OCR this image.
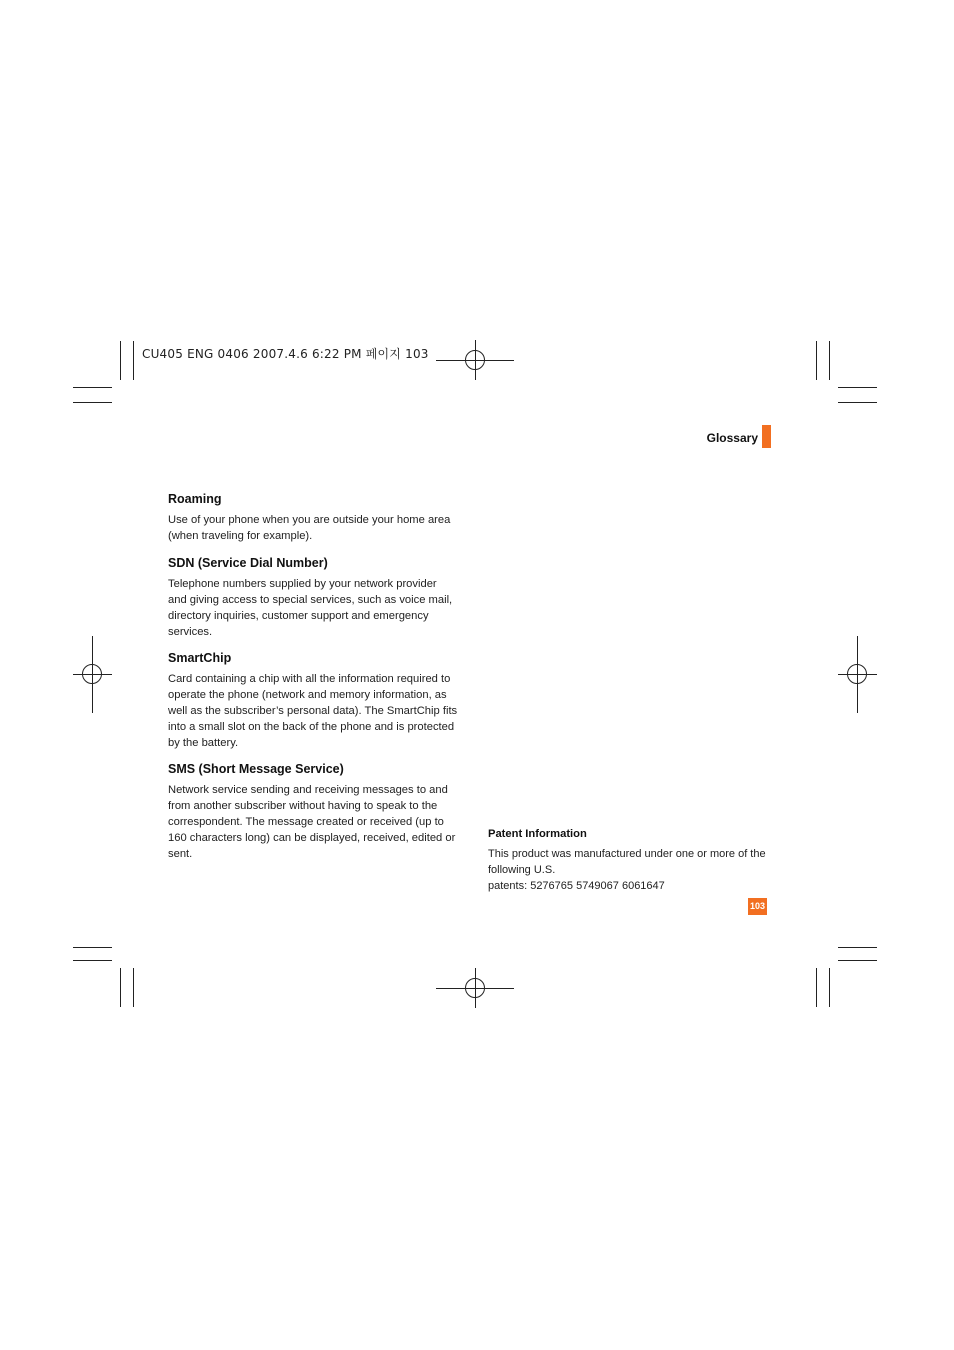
CU405 ENG 0406 2007.4.6 6:22 PM 페이지 103
Glossary
Roaming

Use of your phone when you are outside your home area (when traveling for example).

SDN (Service Dial Number)

Telephone numbers supplied by your network provider and giving access to special services, such as voice mail, directory inquiries, customer support and emergency services.

SmartChip

Card containing a chip with all the information required to operate the phone (network and memory information, as well as the subscriber’s personal data). The SmartChip fits into a small slot on the back of the phone and is protected by the battery.

SMS (Short Message Service)

Network service sending and receiving messages to and from another subscriber without having to speak to the correspondent. The message created or received (up to 160 characters long) can be displayed, received, edited or sent.

Patent Information

This product was manufactured under one or more of the following U.S.

patents: 5276765 5749067 6061647

103
